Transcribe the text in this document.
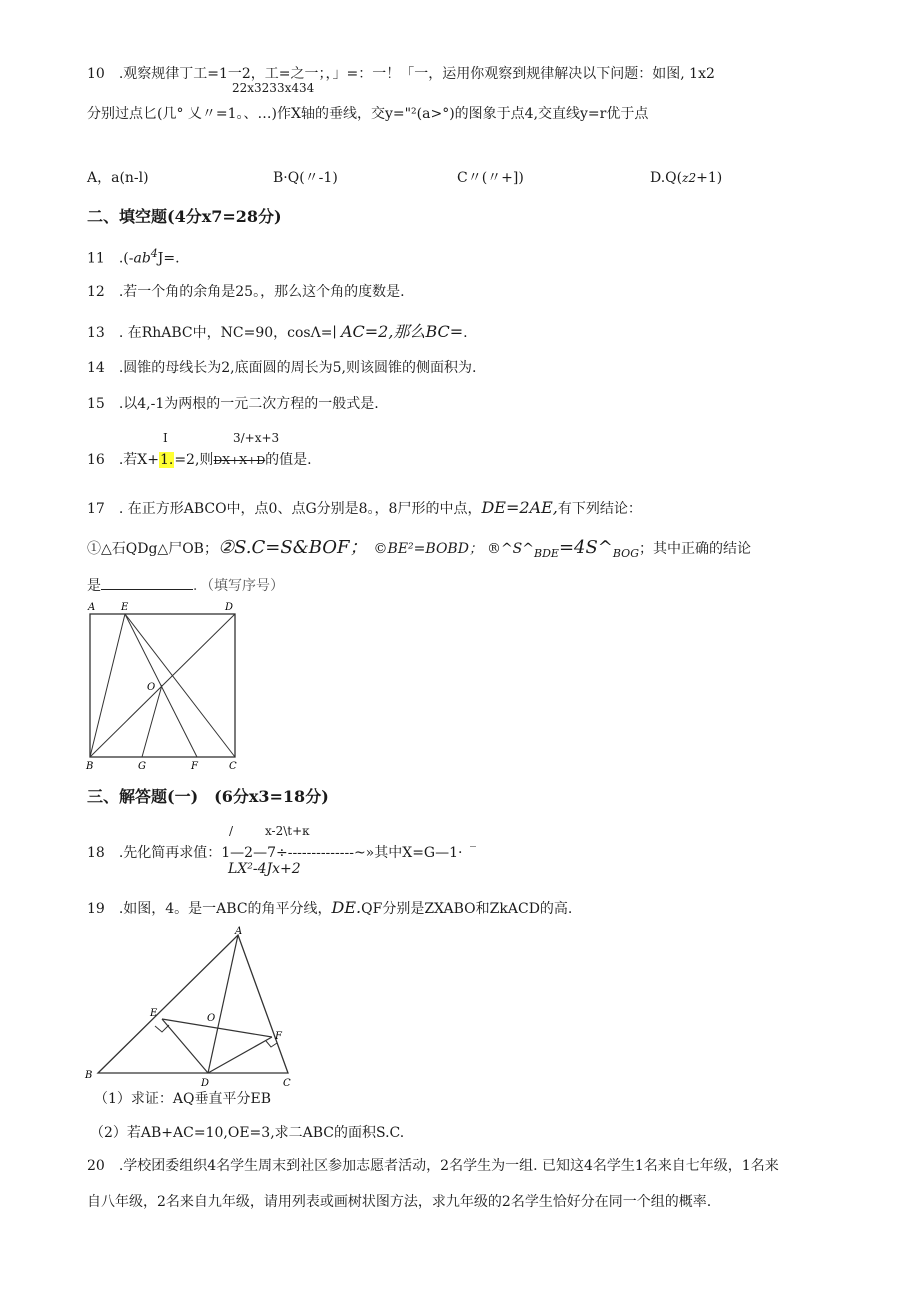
10　.观察规律丁工=1一2，工=之一；，」=：一！「一，运用你观察到规律解决以下问题：如图, 1x2
22x3233x434
分别过点匕(几° 乂〃=1。、…)作X轴的垂线，交y="²(a>°)的图象于点4,交直线y=r优于点
A，a(n-l)	B·Q(〃-1)	C〃(〃+])	D.Q(z2+1)
二、填空题(4分x7=28分)
11　$.(-ab^4J=$.
12　.若一个角的余角是25。，那么这个角的度数是.
13　. 在RhABC中，NC=90，cosΛ=∣ AC=2,那么BC=.
14　.圆锥的母线长为2,底面圆的周长为5,则该圆锥的侧面积为.
15　.以4,-1为两根的一元二次方程的一般式是.
I	3/+x+3
16　.若X+1.=2,则DX+X+D的值是.
17　. 在正方形ABCO中，点0、点G分别是8。，8尸形的中点，DE=2AE,有下列结论：
①△石QDg△尸OB；②S.C=S&BOF； ©BE²=BOBD； $®\^{}S\^{}_{BDE}=4S\^{}_{BOG}$；其中正确的结论
是	．（填写序号）
A	E	D
O
B	G	F	C
三、解答题(一)　(6分x3=18分)
/	x-2\t+κ
18　.先化简再求值：1—2—7÷--------------~»其中X=G—1·
_
LX²-4Jx+2
19　.如图，4。是一ABC的角平分线，DE.QF分别是ZXABO和ZkACD的高.
A
E	O
F
B
D	C
（1）求证：AQ垂直平分EB
（2）若AB+AC=10,OE=3,求二ABC的面积S.C.
20　.学校团委组织4名学生周末到社区参加志愿者活动，2名学生为一组. 已知这4名学生1名来自七年级，1名来
自八年级，2名来自九年级，请用列表或画树状图方法，求九年级的2名学生恰好分在同一个组的概率.
